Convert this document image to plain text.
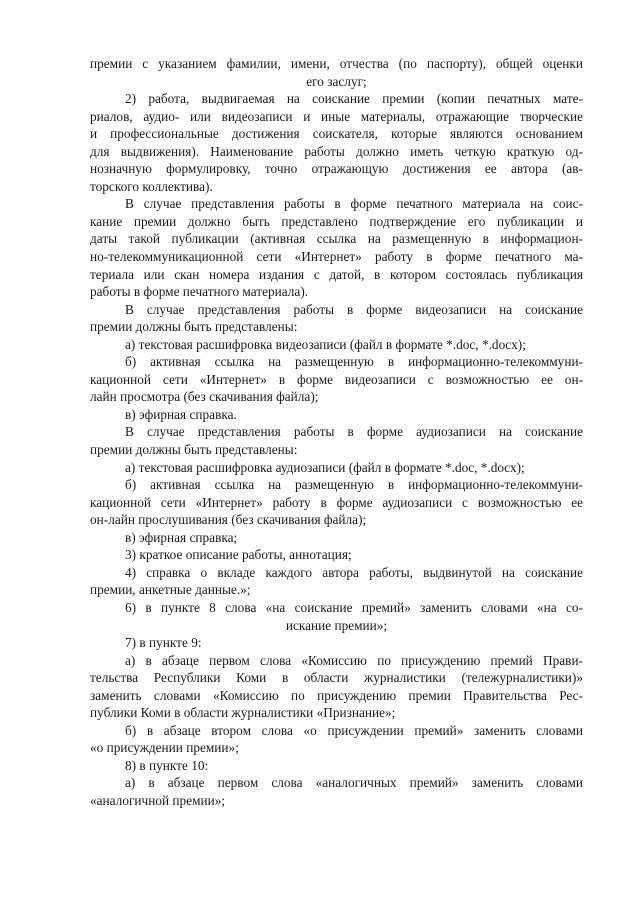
премии с указанием фамилии, имени, отчества (по паспорту), общей оценки
его заслуг;

2) работа, выдвигаемая на соискание премии (копии печатных мате-
риалов, аудио- или видеозаписи и иные материалы, отражающие творческие
и профессиональные достижения соискателя, которые являются основанием
для выдвижения). Наименование работы должно иметь четкую краткую од-
нозначную формулировку, точно отражающую достижения ее автора (ав-
торского коллектива).

В случае представления работы в форме печатного материала на соис-
кание премии должно быть представлено подтверждение его публикации и
даты такой публикации (активная ссылка на размещенную в информацион-
но-телекоммуникационной сети «Интернет» работу в форме печатного ма-
териала или скан номера издания с датой, в котором состоялась публикация
работы в форме печатного материала).

В случае представления работы в форме видеозаписи на соискание
премии должны быть представлены:

а) текстовая расшифровка видеозаписи (файл в формате *.doc, *.docx);

б) активная ссылка на размещенную в информационно-телекоммуни-
кационной сети «Интернет» в форме видеозаписи с возможностью ее он-
лайн просмотра (без скачивания файла);

в) эфирная справка.

В случае представления работы в форме аудиозаписи на соискание
премии должны быть представлены:

а) текстовая расшифровка аудиозаписи (файл в формате *.doc, *.docx);

б) активная ссылка на размещенную в информационно-телекоммуни-
кационной сети «Интернет» работу в форме аудиозаписи с возможностью ее
он-лайн прослушивания (без скачивания файла);

в) эфирная справка;

3) краткое описание работы, аннотация;

4) справка о вкладе каждого автора работы, выдвинутой на соискание
премии, анкетные данные.»;

6) в пункте 8 слова «на соискание премий» заменить словами «на со-
искание премии»;

7) в пункте 9:

а) в абзаце первом слова «Комиссию по присуждению премий Прави-
тельства Республики Коми в области журналистики (тележурналистики)»
заменить словами «Комиссию по присуждению премии Правительства Рес-
публики Коми в области журналистики «Признание»;

б) в абзаце втором слова «о присуждении премий» заменить словами
«о присуждении премии»;

8) в пункте 10:

а) в абзаце первом слова «аналогичных премий» заменить словами
«аналогичной премии»;
